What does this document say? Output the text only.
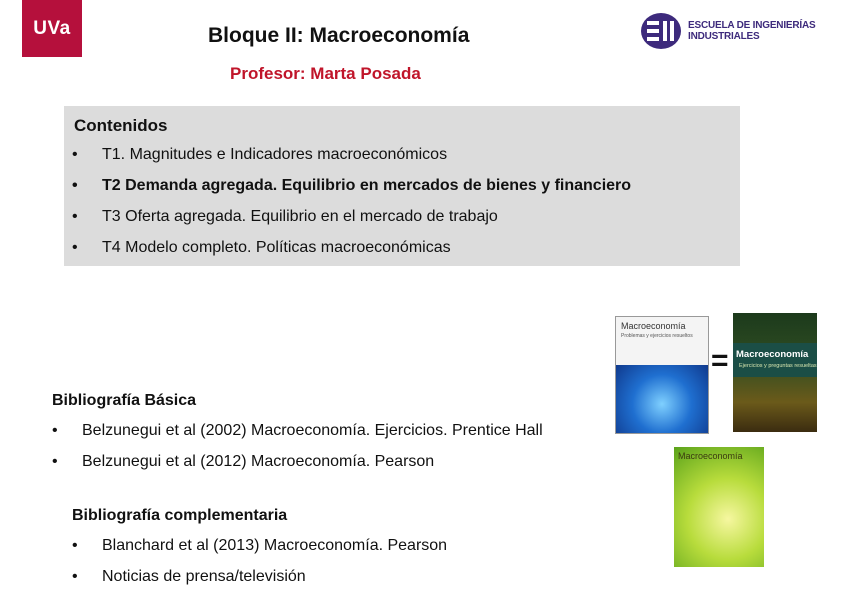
UVa	Bloque II: Macroeconomía
Profesor: Marta Posada
ESCUELA DE INGENIERÍAS
INDUSTRIALES
Contenidos
•	T1. Magnitudes e Indicadores macroeconómicos
•	T2 Demanda agregada. Equilibrio en mercados de bienes y financiero
•	T3 Oferta agregada. Equilibrio en el mercado de trabajo
•	T4 Modelo completo. Políticas macroeconómicas
Macroeconomía
Problemas y ejercicios resueltos
= Macroeconomía
Ejercicios y preguntas resueltas
Bibliografía Básica
•	Belzunegui et al (2002) Macroeconomía. Ejercicios. Prentice Hall
•	Belzunegui et al (2012) Macroeconomía. Pearson	Macroeconomía
Bibliografía complementaria
•	Blanchard et al (2013) Macroeconomía. Pearson
•	Noticias de prensa/televisión
